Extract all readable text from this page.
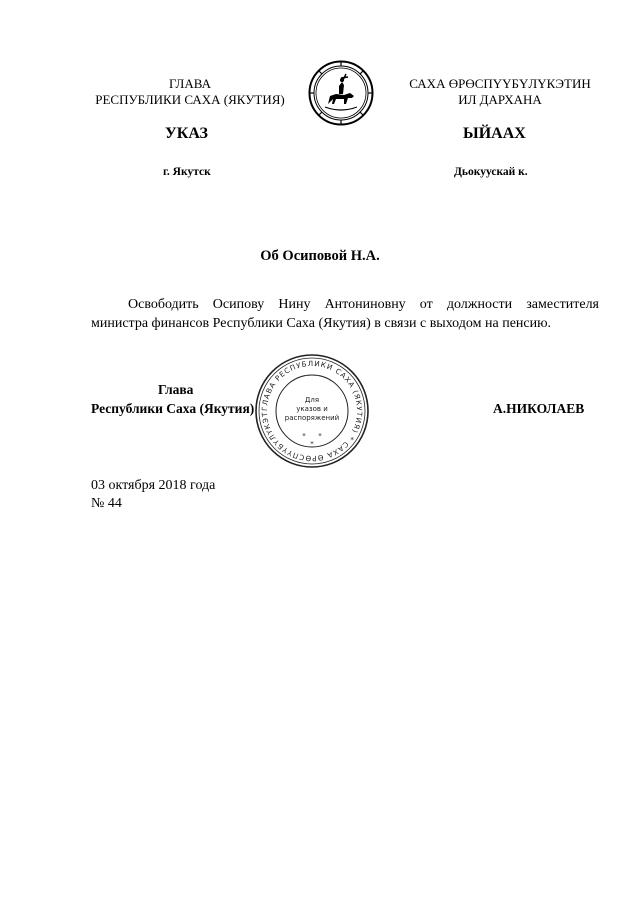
ГЛАВА
РЕСПУБЛИКИ САХА (ЯКУТИЯ)
САХА ӨРӨСПҮҮБҮЛҮКЭТИН
ИЛ ДАРХАНА
УКАЗ	ЫЙААХ
г. Якутск	Дьокуускай к.
Об Осиповой Н.А.
Освободить Осипову Нину Антониновну от должности заместителя
министра финансов Республики Саха (Якутия) в связи с выходом на пенсию.
Глава
Республики Саха (Якутия)	А.НИКОЛАЕВ
ГЛАВА РЕСПУБЛИКИ САХА (ЯКУТИЯ) * САХА ӨРӨСПҮҮБҮЛҮКЭТ
Для
указов и
распоряжений
* *
*
03 октября 2018 года
№ 44
